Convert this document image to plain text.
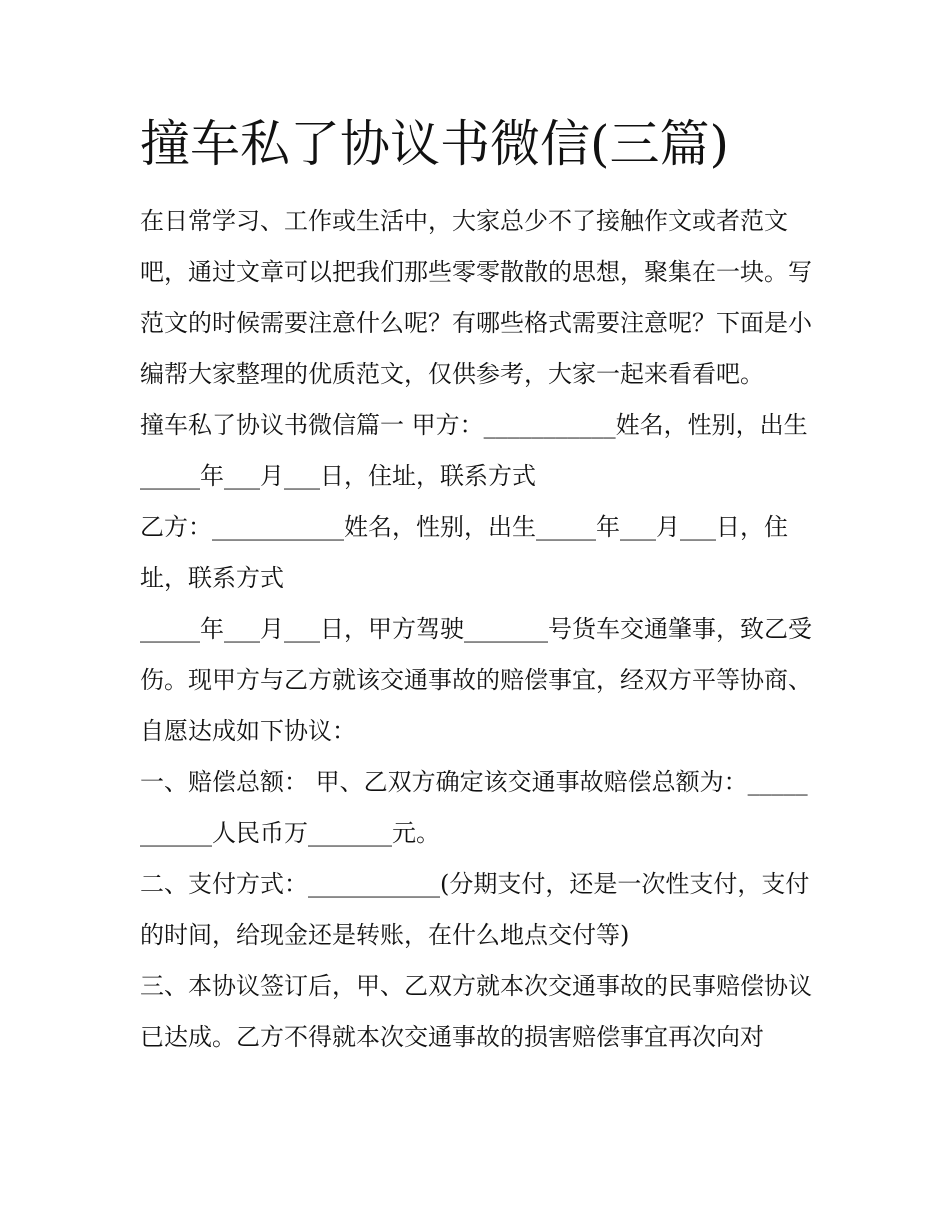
撞车私了协议书微信(三篇)

在日常学习、工作或生活中，大家总少不了接触作文或者范文吧，通过文章可以把我们那些零零散散的思想，聚集在一块。写范文的时候需要注意什么呢？有哪些格式需要注意呢？下面是小编帮大家整理的优质范文，仅供参考，大家一起来看看吧。

撞车私了协议书微信篇一 甲方：___________姓名，性别，出生_____年___月___日，住址，联系方式

乙方：___________姓名，性别，出生_____年___月___日，住址，联系方式

_____年___月___日，甲方驾驶_______号货车交通肇事，致乙受伤。现甲方与乙方就该交通事故的赔偿事宜，经双方平等协商、自愿达成如下协议：

一、赔偿总额： 甲、乙双方确定该交通事故赔偿总额为：___________人民币万_______元。

二、支付方式：___________(分期支付，还是一次性支付，支付的时间，给现金还是转账，在什么地点交付等)

三、本协议签订后，甲、乙双方就本次交通事故的民事赔偿协议已达成。乙方不得就本次交通事故的损害赔偿事宜再次向对
